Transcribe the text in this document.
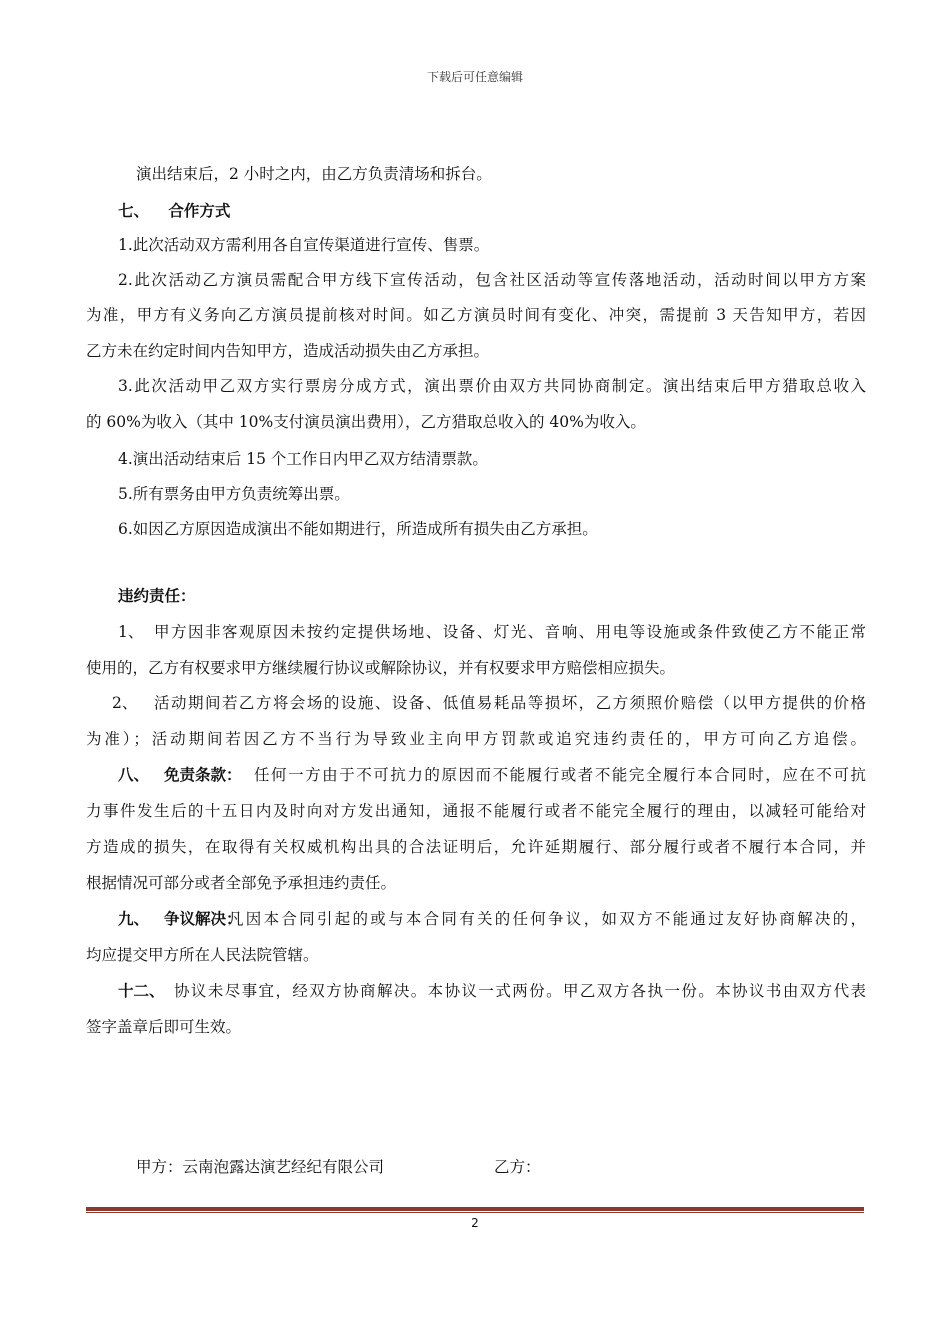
下载后可任意编辑
演出结束后，2 小时之内，由乙方负责清场和拆台。
七、 合作方式
1.此次活动双方需利用各自宣传渠道进行宣传、售票。
2.此次活动乙方演员需配合甲方线下宣传活动，包含社区活动等宣传落地活动，活动时间以甲方方案
为准，甲方有义务向乙方演员提前核对时间。如乙方演员时间有变化、冲突，需提前 3 天告知甲方，若因
乙方未在约定时间内告知甲方，造成活动损失由乙方承担。
3.此次活动甲乙双方实行票房分成方式，演出票价由双方共同协商制定。演出结束后甲方猎取总收入
的 60%为收入（其中 10%支付演员演出费用），乙方猎取总收入的 40%为收入。
4.演出活动结束后 15 个工作日内甲乙双方结清票款。
5.所有票务由甲方负责统筹出票。
6.如因乙方原因造成演出不能如期进行，所造成所有损失由乙方承担。
违约责任：
1、 甲方因非客观原因未按约定提供场地、设备、灯光、音响、用电等设施或条件致使乙方不能正常
使用的，乙方有权要求甲方继续履行协议或解除协议，并有权要求甲方赔偿相应损失。
2、 活动期间若乙方将会场的设施、设备、低值易耗品等损坏，乙方须照价赔偿（以甲方提供的价格
为准）；活动期间若因乙方不当行为导致业主向甲方罚款或追究违约责任的，甲方可向乙方追偿。
八、 免责条款： 任何一方由于不可抗力的原因而不能履行或者不能完全履行本合同时，应在不可抗
力事件发生后的十五日内及时向对方发出通知，通报不能履行或者不能完全履行的理由，以减轻可能给对
方造成的损失，在取得有关权威机构出具的合法证明后，允许延期履行、部分履行或者不履行本合同，并
根据情况可部分或者全部免予承担违约责任。
九、 争议解决：
凡因本合同引起的或与本合同有关的任何争议，如双方不能通过友好协商解决的，
均应提交甲方所在人民法院管辖。
十二、 协议未尽事宜，经双方协商解决。本协议一式两份。甲乙双方各执一份。本协议书由双方代表
签字盖章后即可生效。
甲方：云南泡露达演艺经纪有限公司	乙方：
2
